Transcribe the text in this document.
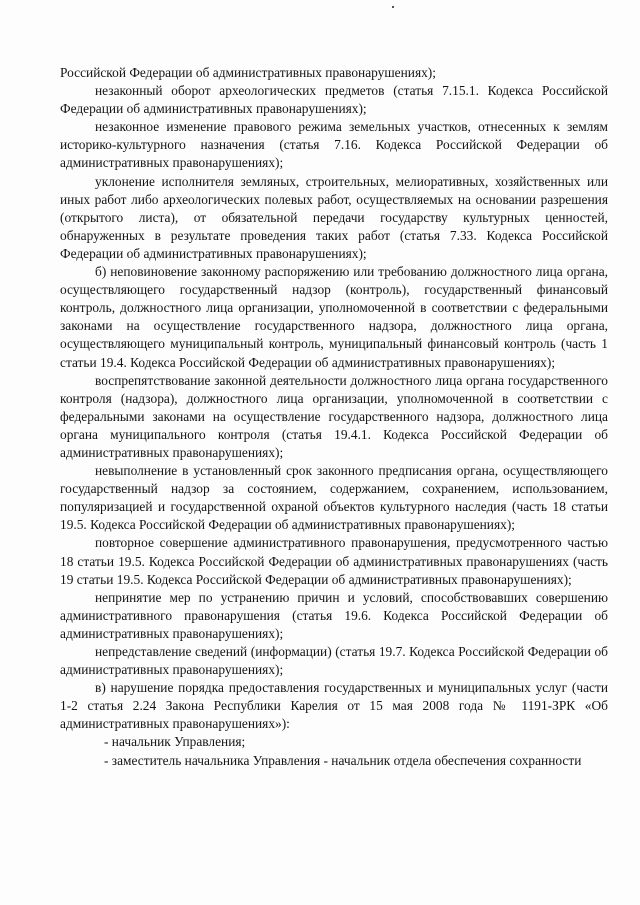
Российской Федерации об административных правонарушениях);

незаконный оборот археологических предметов (статья 7.15.1. Кодекса Российской Федерации об административных правонарушениях);

незаконное изменение правового режима земельных участков, отнесенных к землям историко-культурного назначения (статья 7.16. Кодекса Российской Федерации об административных правонарушениях);

уклонение исполнителя земляных, строительных, мелиоративных, хозяйственных или иных работ либо археологических полевых работ, осуществляемых на основании разрешения (открытого листа), от обязательной передачи государству культурных ценностей, обнаруженных в результате проведения таких работ (статья 7.33. Кодекса Российской Федерации об административных правонарушениях);

б) неповиновение законному распоряжению или требованию должностного лица органа, осуществляющего государственный надзор (контроль), государственный финансовый контроль, должностного лица организации, уполномоченной в соответствии с федеральными законами на осуществление государственного надзора, должностного лица органа, осуществляющего муниципальный контроль, муниципальный финансовый контроль (часть 1 статьи 19.4. Кодекса Российской Федерации об административных правонарушениях);

воспрепятствование законной деятельности должностного лица органа государственного контроля (надзора), должностного лица организации, уполномоченной в соответствии с федеральными законами на осуществление государственного надзора, должностного лица органа муниципального контроля (статья 19.4.1. Кодекса Российской Федерации об административных правонарушениях);

невыполнение в установленный срок законного предписания органа, осуществляющего государственный надзор за состоянием, содержанием, сохранением, использованием, популяризацией и государственной охраной объектов культурного наследия (часть 18 статьи 19.5. Кодекса Российской Федерации об административных правонарушениях);

повторное совершение административного правонарушения, предусмотренного частью 18 статьи 19.5. Кодекса Российской Федерации об административных правонарушениях (часть 19 статьи 19.5. Кодекса Российской Федерации об административных правонарушениях);

непринятие мер по устранению причин и условий, способствовавших совершению административного правонарушения (статья 19.6. Кодекса Российской Федерации об административных правонарушениях);

непредставление сведений (информации) (статья 19.7. Кодекса Российской Федерации об административных правонарушениях);

в) нарушение порядка предоставления государственных и муниципальных услуг (части 1-2 статья 2.24 Закона Республики Карелия от 15 мая 2008 года № 1191-ЗРК «Об административных правонарушениях»):

- начальник Управления;

- заместитель начальника Управления - начальник отдела обеспечения сохранности
